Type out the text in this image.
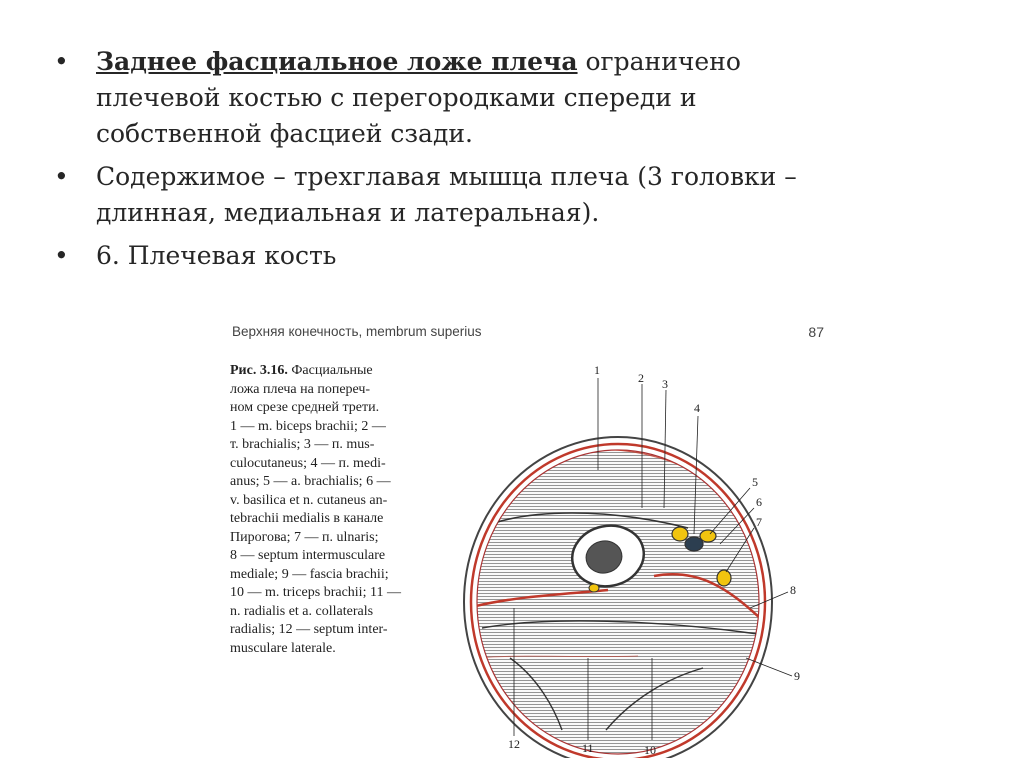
• Заднее фасциальное ложе плеча ограничено
плечевой костью с перегородками спереди и
собственной фасцией сзади.
• Содержимое – трехглавая мышца плеча (3 головки –
длинная, медиальная и латеральная).
• 6. Плечевая кость
Верхняя конечность, membrum superius	87
Рис. 3.16. Фасциальные
ложа плеча на попереч-
ном срезе средней трети.
1 — m. biceps brachii; 2 —
т. brachialis; 3 — п. mus-
culocutaneus; 4 — п. medi-
anus; 5 — a. brachialis; 6 —
v. basilica et n. cutaneus an-
tebrachii medialis в канале
Пирогова; 7 — п. ulnaris;
8 — septum intermusculare
mediale; 9 — fascia brachii;
10 — m. triceps brachii; 11 —
n. radialis et a. collaterals
radialis; 12 — septum inter-
musculare laterale.
1
2 3
4
5
6
7
8
9
10
11
12
